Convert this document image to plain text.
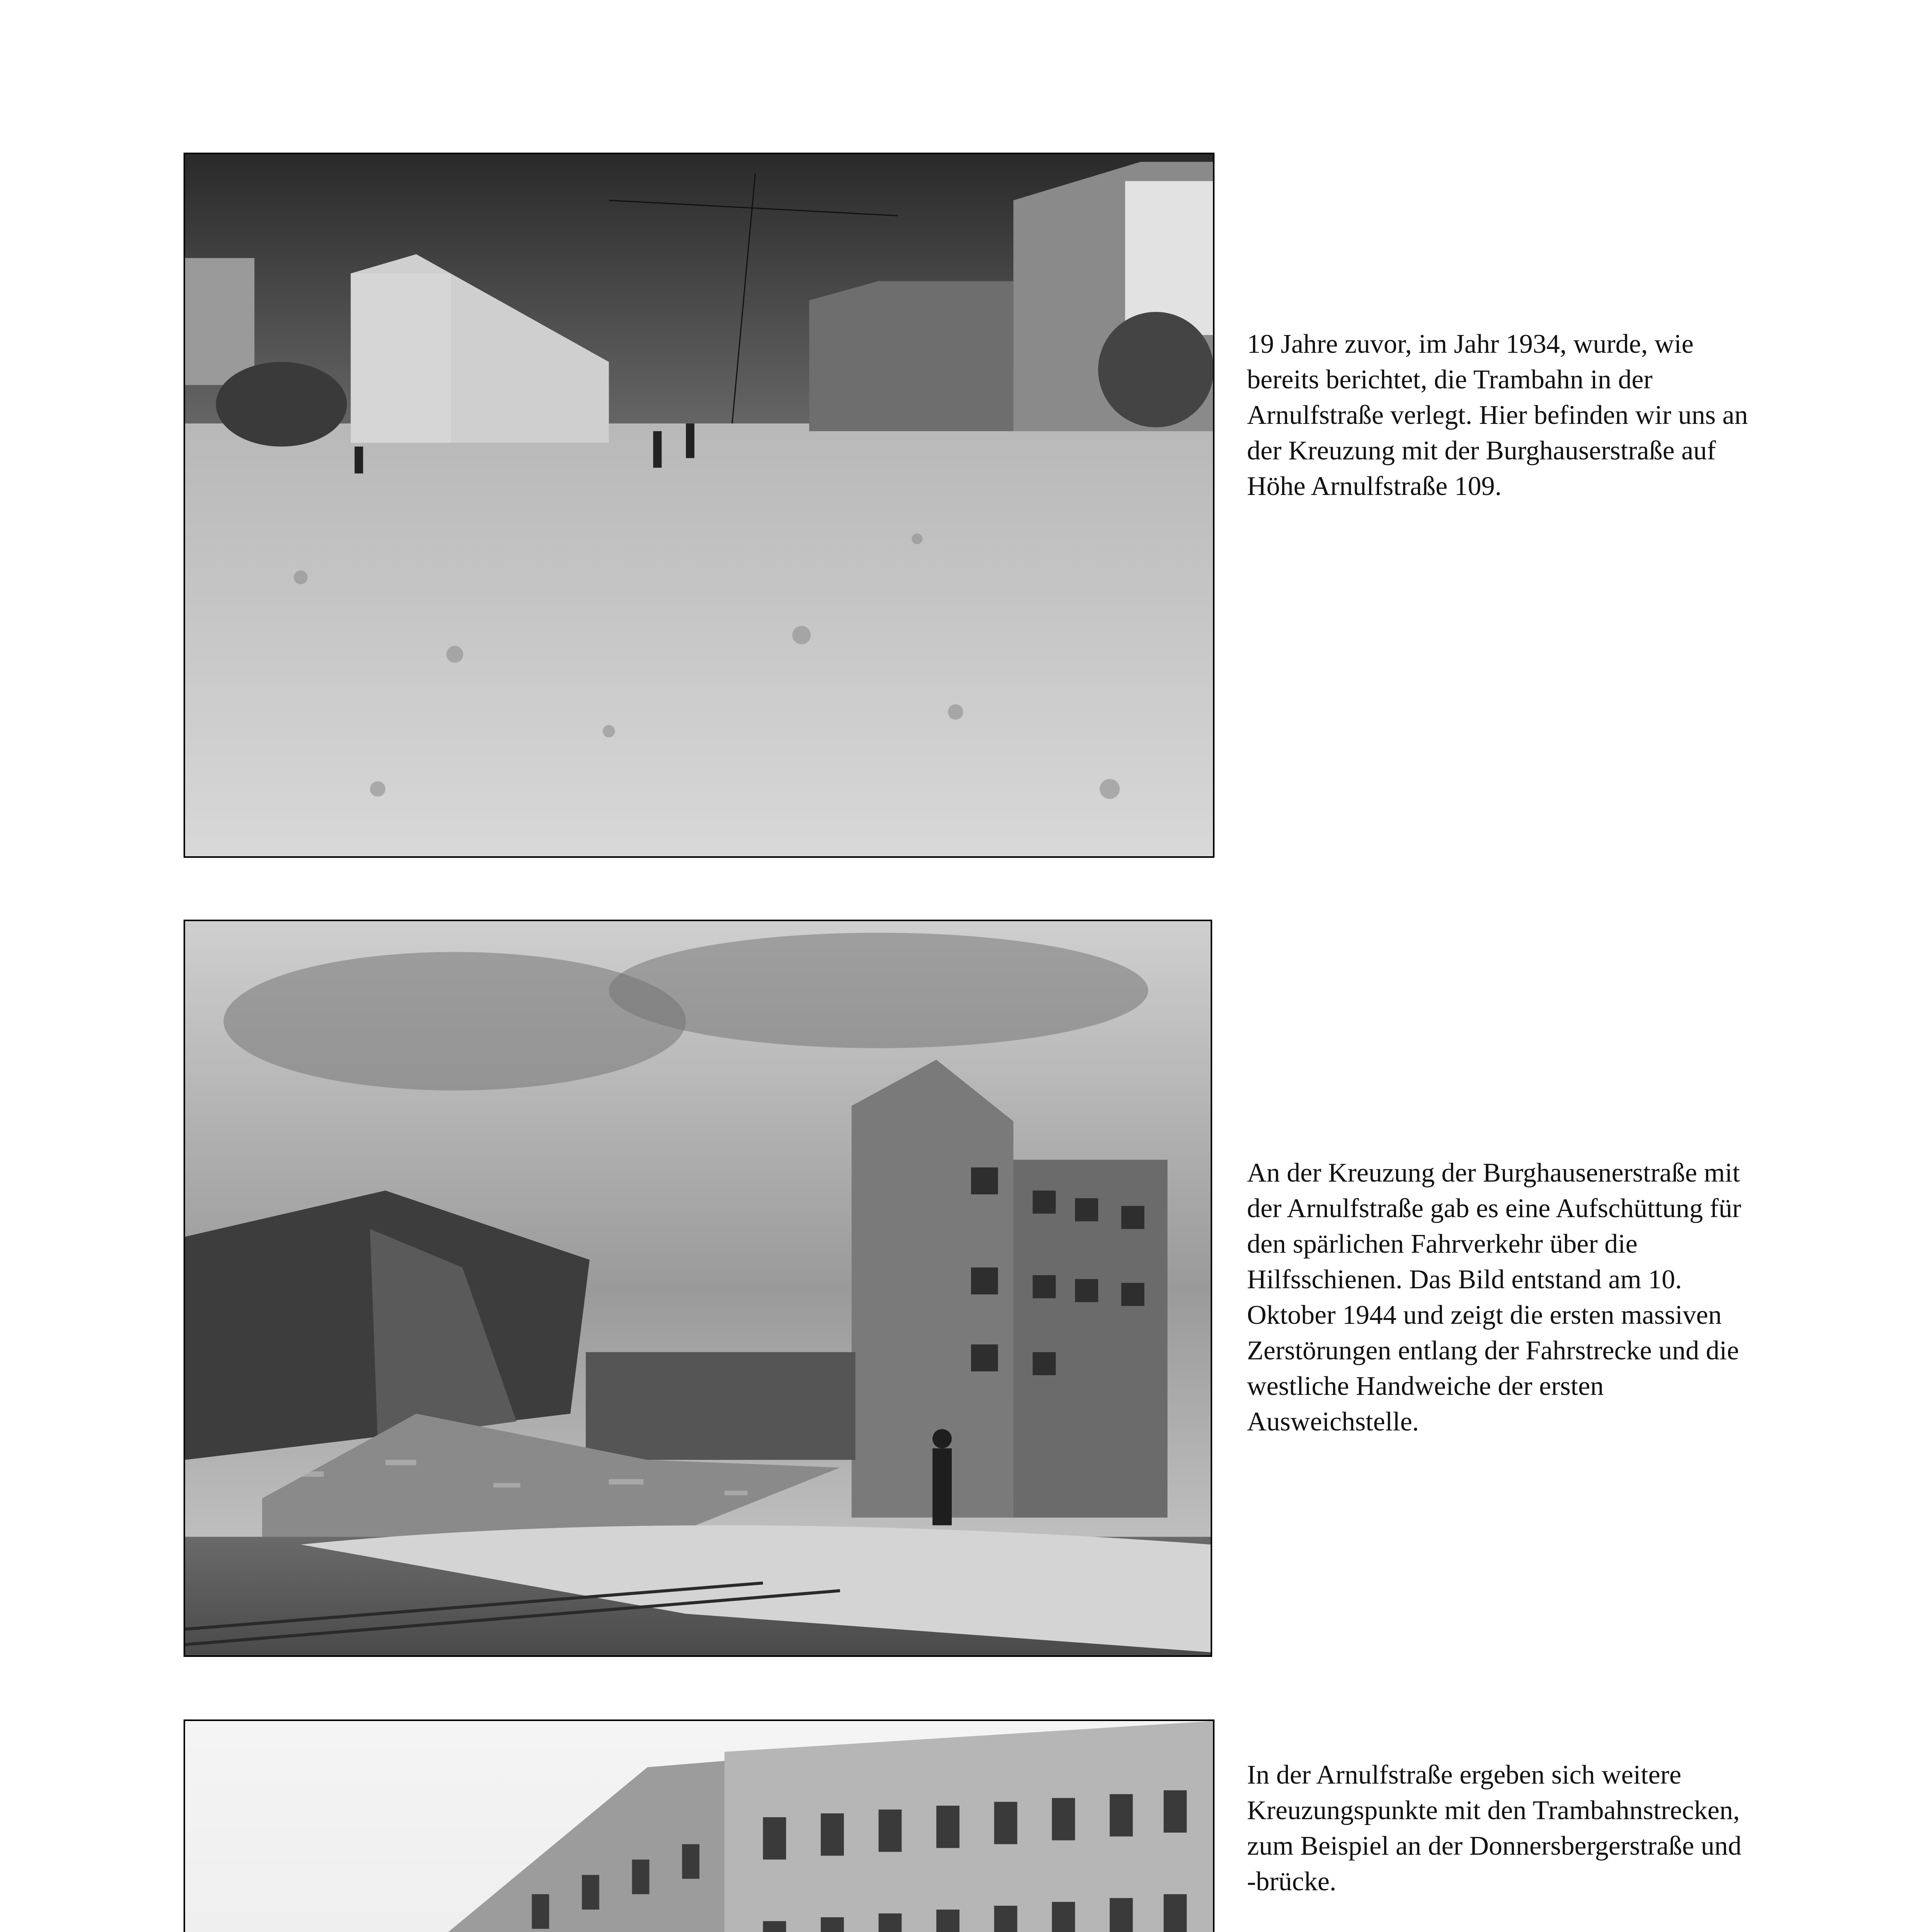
19 Jahre zuvor, im Jahr 1934, wurde, wie bereits berichtet, die Trambahn in der Arnulfstraße verlegt. Hier befinden wir uns an der Kreuzung mit der Burghauserstraße auf Höhe Arnulfstraße 109.

An der Kreuzung der Burghausenerstraße mit der Arnulfstraße gab es eine Aufschüttung für den spärlichen Fahrverkehr über die Hilfsschienen. Das Bild entstand am 10. Oktober 1944 und zeigt die ersten massiven Zerstörungen entlang der Fahrstrecke und die westliche Handweiche der ersten Ausweichstelle.

In der Arnulfstraße ergeben sich weitere Kreuzungspunkte mit den Trambahnstrecken, zum Beispiel an der Donnersbergerstraße und -brücke.
